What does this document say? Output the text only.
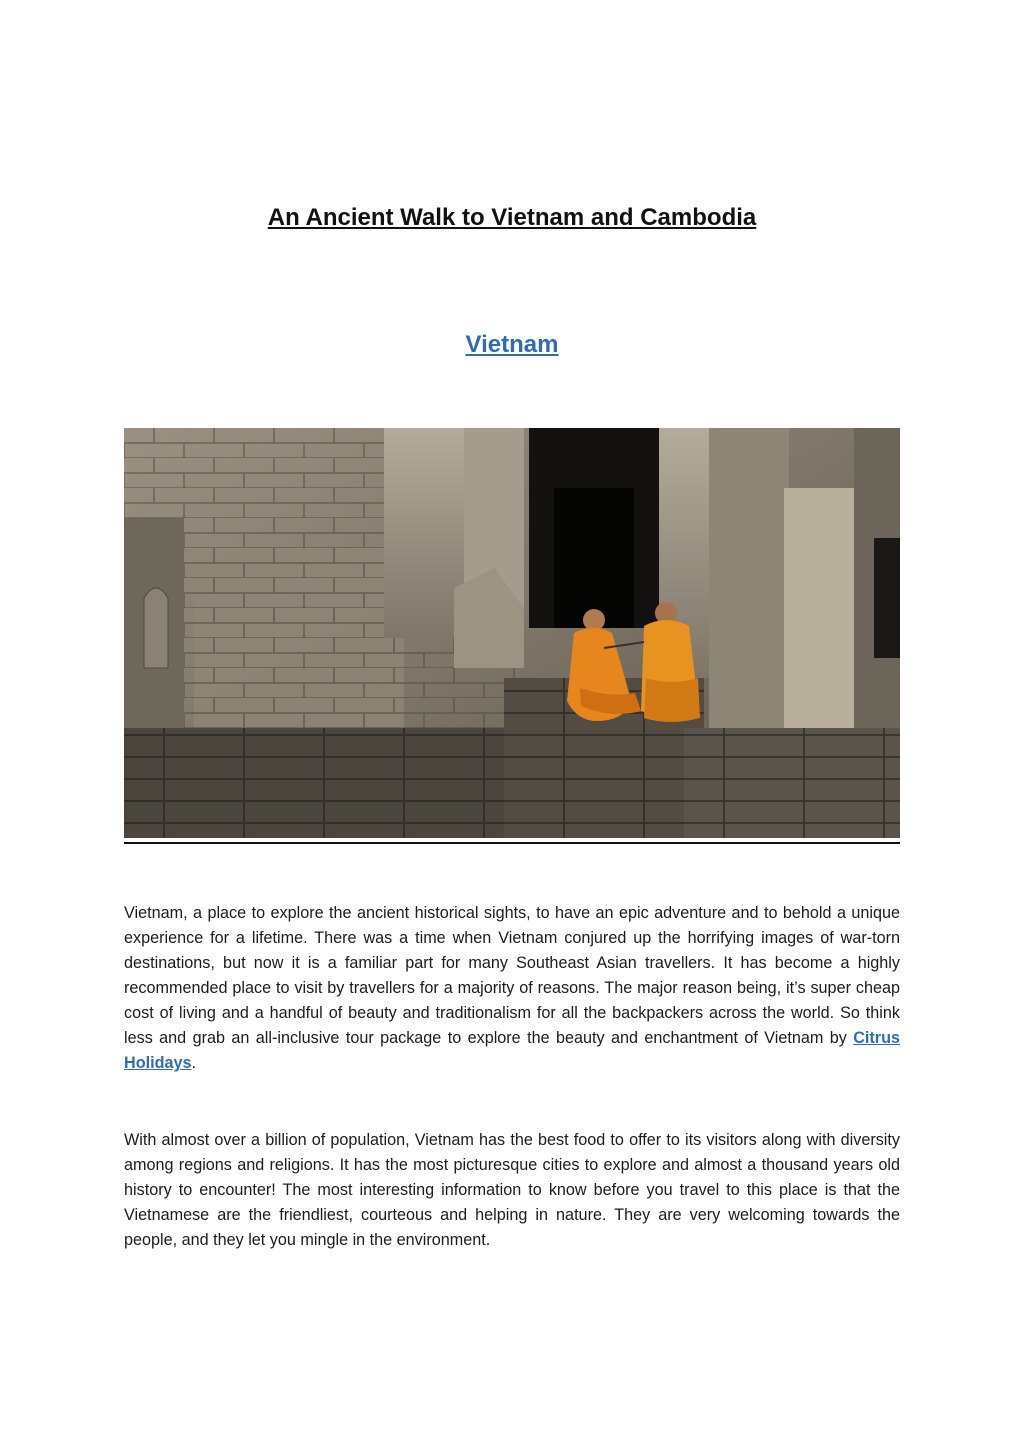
An Ancient Walk to Vietnam and Cambodia
Vietnam

Vietnam, a place to explore the ancient historical sights, to have an epic adventure and to behold a unique experience for a lifetime. There was a time when Vietnam conjured up the horrifying images of war-torn destinations, but now it is a familiar part for many Southeast Asian travellers. It has become a highly recommended place to visit by travellers for a majority of reasons. The major reason being, it’s super cheap cost of living and a handful of beauty and traditionalism for all the backpackers across the world. So think less and grab an all-inclusive tour package to explore the beauty and enchantment of Vietnam by Citrus Holidays.

With almost over a billion of population, Vietnam has the best food to offer to its visitors along with diversity among regions and religions. It has the most picturesque cities to explore and almost a thousand years old history to encounter! The most interesting information to know before you travel to this place is that the Vietnamese are the friendliest, courteous and helping in nature. They are very welcoming towards the people, and they let you mingle in the environment.
